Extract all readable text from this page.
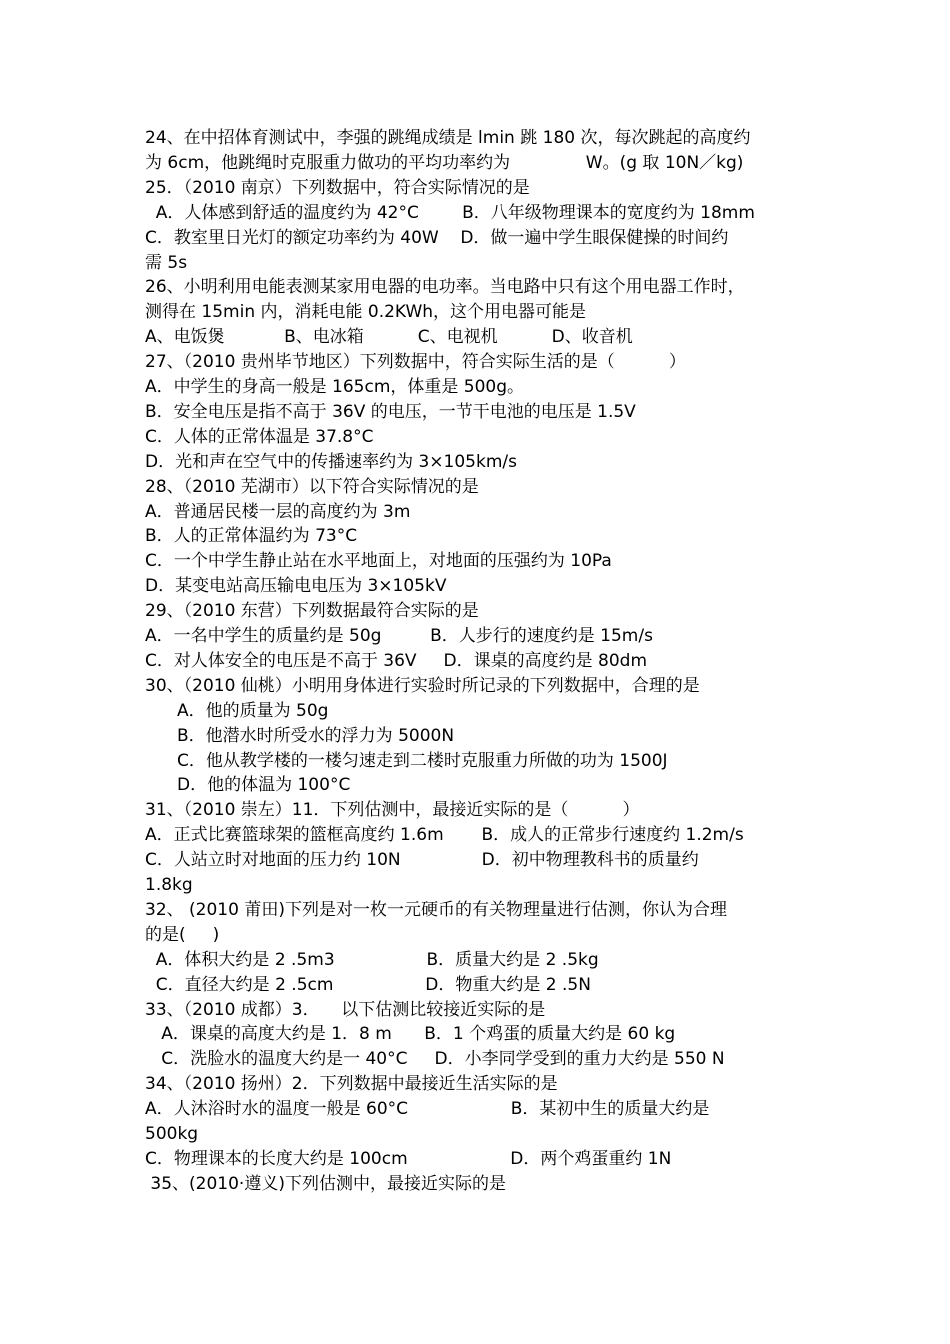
24、在中招体育测试中，李强的跳绳成绩是 lmin 跳 180 次，每次跳起的高度约
为 6cm，他跳绳时克服重力做功的平均功率约为              W。(g 取 10N／kg)
25．（2010 南京）下列数据中，符合实际情况的是
A．人体感到舒适的温度约为 42°C        B．八年级物理课本的宽度约为 18mm
C．教室里日光灯的额定功率约为 40W    D．做一遍中学生眼保健操的时间约
需 5s
26、小明利用电能表测某家用电器的电功率。当电路中只有这个用电器工作时，
测得在 15min 内，消耗电能 0.2KWh，这个用电器可能是
A、电饭煲           B、电冰箱          C、电视机          D、收音机
27、（2010 贵州毕节地区）下列数据中，符合实际生活的是（          ）
A．中学生的身高一般是 165cm，体重是 500g。
B．安全电压是指不高于 36V 的电压，一节干电池的电压是 1.5V
C．人体的正常体温是 37.8°C
D．光和声在空气中的传播速率约为 3×105km/s
28、（2010 芜湖市）以下符合实际情况的是
A．普通居民楼一层的高度约为 3m
B．人的正常体温约为 73°C
C．一个中学生静止站在水平地面上，对地面的压强约为 10Pa
D．某变电站高压输电电压为 3×105kV
29、（2010 东营）下列数据最符合实际的是
A．一名中学生的质量约是 50g         B．人步行的速度约是 15m/s
C．对人体安全的电压是不高于 36V     D．课桌的高度约是 80dm
30、（2010 仙桃）小明用身体进行实验时所记录的下列数据中，合理的是
A．他的质量为 50g
B．他潜水时所受水的浮力为 5000N
C．他从教学楼的一楼匀速走到二楼时克服重力所做的功为 1500J
D．他的体温为 100°C
31、（2010 崇左）11．下列估测中，最接近实际的是（          ）
A．正式比赛篮球架的篮框高度约 1.6m       B．成人的正常步行速度约 1.2m/s
C．人站立时对地面的压力约 10N               D．初中物理教科书的质量约
1.8kg
32、 (2010 莆田)下列是对一枚一元硬币的有关物理量进行估测，你认为合理
的是(     )
A．体积大约是 2 .5m3                 B．质量大约是 2 .5kg
C．直径大约是 2 .5cm                 D．物重大约是 2 .5N
33、（2010 成都）3．    以下估测比较接近实际的是
A．课桌的高度大约是 1．8 m      B．1 个鸡蛋的质量大约是 60 kg
C．洗脸水的温度大约是一 40°C     D．小李同学受到的重力大约是 550 N
34、（2010 扬州）2．下列数据中最接近生活实际的是
A．人沐浴时水的温度一般是 60°C                   B．某初中生的质量大约是
500kg
C．物理课本的长度大约是 100cm                   D．两个鸡蛋重约 1N
35、(2010·遵义)下列估测中，最接近实际的是
